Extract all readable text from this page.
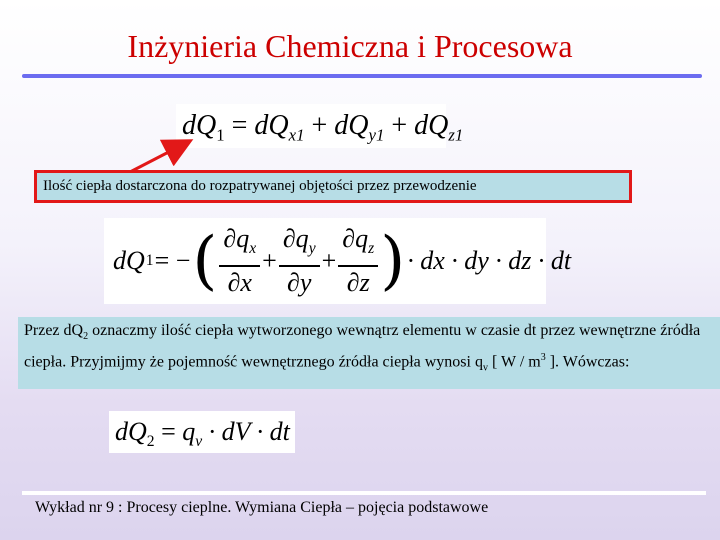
Inżynieria Chemiczna i Procesowa
$dQ_1 = dQ_{x1} + dQ_{y1} + dQ_{z1}$
Ilość ciepła dostarczona do rozpatrywanej objętości przez przewodzenie
dQ 1 = − ( $\frac{\partial q_x}{\partial x} + \frac{\partial q_y}{\partial y} + \frac{\partial q_z}{\partial z}$ ) · dx · dy · dz · dt
Przez $dQ_2$ oznaczmy ilość ciepła wytworzonego wewnątrz elementu w czasie dt przez wewnętrzne źródła ciepła. Przyjmijmy że pojemność wewnętrznego źródła ciepła wynosi $q_v$ [ W / $m^3$ ]. Wówczas:
$dQ_2 = q_v$ · dV · dt
Wykład nr 9 : Procesy cieplne. Wymiana Ciepła – pojęcia podstawowe
